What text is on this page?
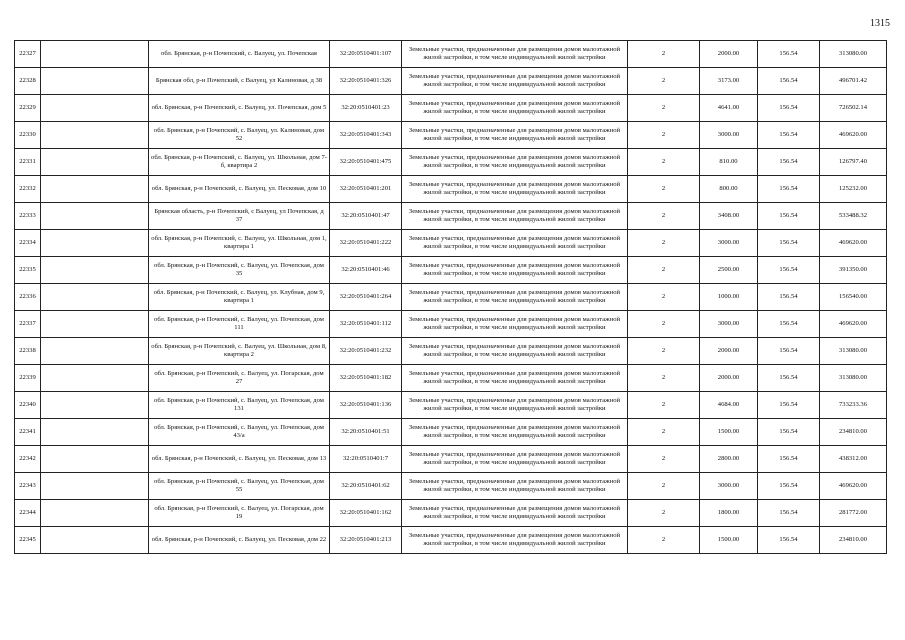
1315
22327		обл. Брянская, р-н Почепский, с. Валуец, ул. Почепская	32:20:0510401:107	Земельные участки, предназначенные для размещения домов малоэтажной жилой застройки, в том числе индивидуальной жилой застройки	2	2000.00	156.54	313080.00
22328		Брянская обл, р-н Почепский, с Валуец, ул Калиновая, д 38	32:20:0510401:326	Земельные участки, предназначенные для размещения домов малоэтажной жилой застройки, в том числе индивидуальной жилой застройки	2	3173.00	156.54	496701.42
22329		обл. Брянская, р-н Почепский, с. Валуец, ул. Почепская, дом 5	32:20:0510401:23	Земельные участки, предназначенные для размещения домов малоэтажной жилой застройки, в том числе индивидуальной жилой застройки	2	4641.00	156.54	726502.14
22330		обл. Брянская, р-н Почепский, с. Валуец, ул. Калиновая, дом 52	32:20:0510401:343	Земельные участки, предназначенные для размещения домов малоэтажной жилой застройки, в том числе индивидуальной жилой застройки	2	3000.00	156.54	469620.00
22331		обл. Брянская, р-н Почепский, с. Валуец, ул. Школьная, дом 7-б, квартира 2	32:20:0510401:475	Земельные участки, предназначенные для размещения домов малоэтажной жилой застройки, в том числе индивидуальной жилой застройки	2	810.00	156.54	126797.40
22332		обл. Брянская, р-н Почепский, с. Валуец, ул. Песковая, дом 10	32:20:0510401:201	Земельные участки, предназначенные для размещения домов малоэтажной жилой застройки, в том числе индивидуальной жилой застройки	2	800.00	156.54	125232.00
22333		Брянская область, р-н Почепский, с Валуец, ул Почепская, д 37	32:20:0510401:47	Земельные участки, предназначенные для размещения домов малоэтажной жилой застройки, в том числе индивидуальной жилой застройки	2	3408.00	156.54	533488.32
22334		обл. Брянская, р-н Почепский, с. Валуец, ул. Школьная, дом 1, квартира 1	32:20:0510401:222	Земельные участки, предназначенные для размещения домов малоэтажной жилой застройки, в том числе индивидуальной жилой застройки	2	3000.00	156.54	469620.00
22335		обл. Брянская, р-н Почепский, с. Валуец, ул. Почепская, дом 35	32:20:0510401:46	Земельные участки, предназначенные для размещения домов малоэтажной жилой застройки, в том числе индивидуальной жилой застройки	2	2500.00	156.54	391350.00
22336		обл. Брянская, р-н Почепский, с. Валуец, ул. Клубная, дом 9, квартира 1	32:20:0510401:264	Земельные участки, предназначенные для размещения домов малоэтажной жилой застройки, в том числе индивидуальной жилой застройки	2	1000.00	156.54	156540.00
22337		обл. Брянская, р-н Почепский, с. Валуец, ул. Почепская, дом 111	32:20:0510401:112	Земельные участки, предназначенные для размещения домов малоэтажной жилой застройки, в том числе индивидуальной жилой застройки	2	3000.00	156.54	469620.00
22338		обл. Брянская, р-н Почепский, с. Валуец, ул. Школьная, дом 8, квартира 2	32:20:0510401:232	Земельные участки, предназначенные для размещения домов малоэтажной жилой застройки, в том числе индивидуальной жилой застройки	2	2000.00	156.54	313080.00
22339		обл. Брянская, р-н Почепский, с. Валуец, ул. Погарская, дом 27	32:20:0510401:182	Земельные участки, предназначенные для размещения домов малоэтажной жилой застройки, в том числе индивидуальной жилой застройки	2	2000.00	156.54	313080.00
22340		обл. Брянская, р-н Почепский, с. Валуец, ул. Почепская, дом 131	32:20:0510401:136	Земельные участки, предназначенные для размещения домов малоэтажной жилой застройки, в том числе индивидуальной жилой застройки	2	4684.00	156.54	733233.36
22341		обл. Брянская, р-н Почепский, с. Валуец, ул. Почепская, дом 43/а	32:20:0510401:51	Земельные участки, предназначенные для размещения домов малоэтажной жилой застройки, в том числе индивидуальной жилой застройки	2	1500.00	156.54	234810.00
22342		обл. Брянская, р-н Почепский, с. Валуец, ул. Песковая, дом 13	32:20:0510401:7	Земельные участки, предназначенные для размещения домов малоэтажной жилой застройки, в том числе индивидуальной жилой застройки	2	2800.00	156.54	438312.00
22343		обл. Брянская, р-н Почепский, с. Валуец, ул. Почепская, дом 55	32:20:0510401:62	Земельные участки, предназначенные для размещения домов малоэтажной жилой застройки, в том числе индивидуальной жилой застройки	2	3000.00	156.54	469620.00
22344		обл. Брянская, р-н Почепский, с. Валуец, ул. Погарская, дом 19	32:20:0510401:162	Земельные участки, предназначенные для размещения домов малоэтажной жилой застройки, в том числе индивидуальной жилой застройки	2	1800.00	156.54	281772.00
22345		обл. Брянская, р-н Почепский, с. Валуец, ул. Песковая, дом 22	32:20:0510401:213	Земельные участки, предназначенные для размещения домов малоэтажной жилой застройки, в том числе индивидуальной жилой застройки	2	1500.00	156.54	234810.00
